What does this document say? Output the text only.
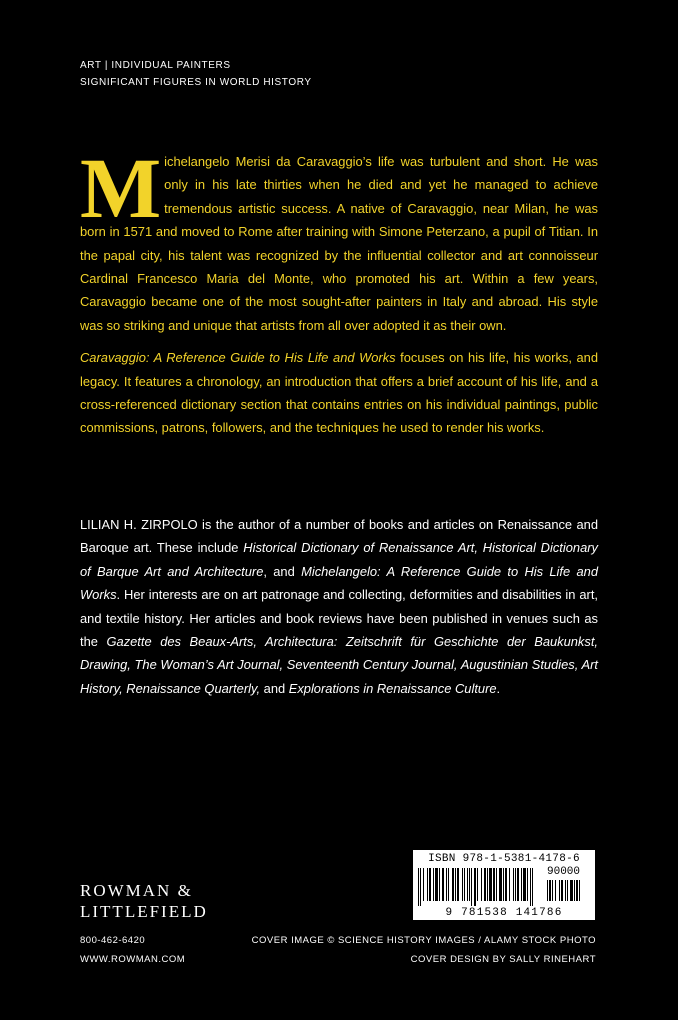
ART | INDIVIDUAL PAINTERS
SIGNIFICANT FIGURES IN WORLD HISTORY

Michelangelo Merisi da Caravaggio’s life was turbulent and short. He was only in his late thirties when he died and yet he managed to achieve tremendous artistic success. A native of Caravaggio, near Milan, he was born in 1571 and moved to Rome after training with Simone Peterzano, a pupil of Titian. In the papal city, his talent was recognized by the influential collector and art connoisseur Cardinal Francesco Maria del Monte, who promoted his art. Within a few years, Caravaggio became one of the most sought-after painters in Italy and abroad. His style was so striking and unique that artists from all over adopted it as their own.

Caravaggio: A Reference Guide to His Life and Works focuses on his life, his works, and legacy. It features a chronology, an introduction that offers a brief account of his life, and a cross-referenced dictionary section that contains entries on his individual paintings, public commissions, patrons, followers, and the techniques he used to render his works.

LILIAN H. ZIRPOLO is the author of a number of books and articles on Renaissance and Baroque art. These include Historical Dictionary of Renaissance Art, Historical Dictionary of Barque Art and Architecture, and Michelangelo: A Reference Guide to His Life and Works. Her interests are on art patronage and collecting, deformities and disabilities in art, and textile history. Her articles and book reviews have been published in venues such as the Gazette des Beaux-Arts, Architectura: Zeitschrift für Geschichte der Baukunkst, Drawing, The Woman’s Art Journal, Seventeenth Century Journal, Augustinian Studies, Art History, Renaissance Quarterly, and Explorations in Renaissance Culture.

ROWMAN &
LITTLEFIELD
800-462-6420
WWW.ROWMAN.COM
COVER IMAGE © SCIENCE HISTORY IMAGES / ALAMY STOCK PHOTO
COVER DESIGN BY SALLY RINEHART
ISBN 978-1-5381-4178-6
90000
9 781538 141786
